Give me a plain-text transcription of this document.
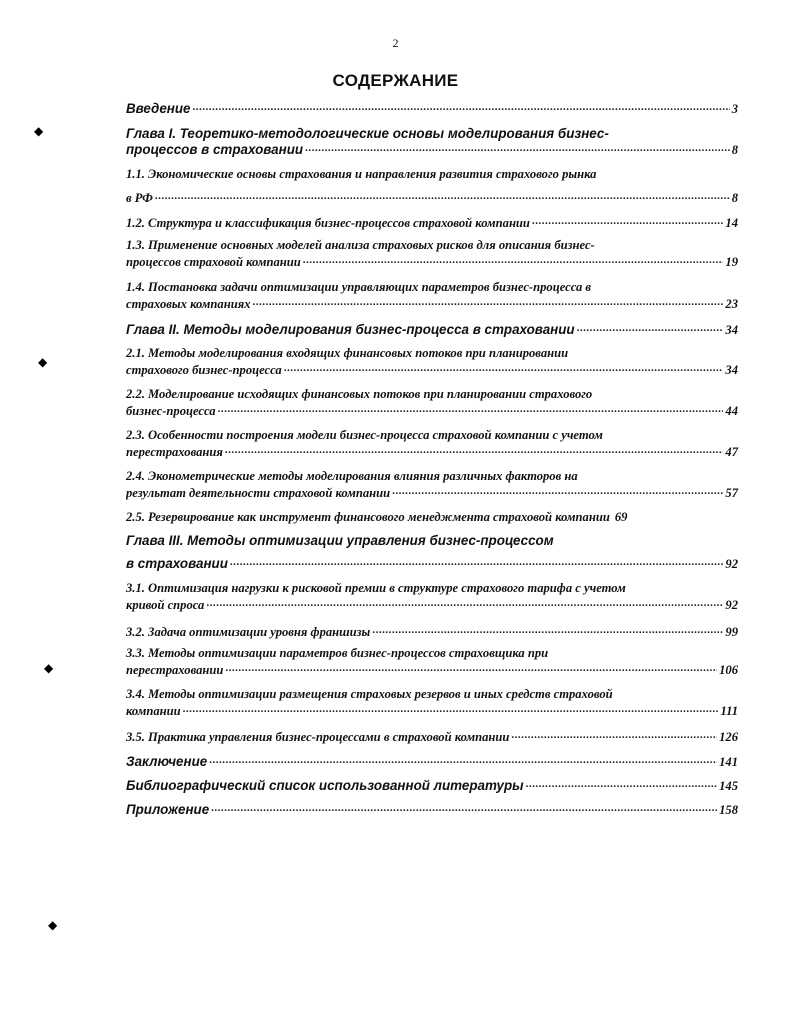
2
СОДЕРЖАНИЕ
Введение .....	3
Глава I. Теоретико-методологические основы моделирования бизнес-
процессов в страховании .....	8
1.1. Экономические основы страхования и направления развития страхового рынка
в РФ .....	8
1.2. Структура и классификация бизнес-процессов страховой компании .....	14
1.3. Применение основных моделей анализа страховых рисков для описания бизнес-
процессов страховой компании .....	19
1.4. Постановка задачи оптимизации управляющих параметров бизнес-процесса в
страховых компаниях .....	23
Глава II. Методы моделирования бизнес-процесса в страховании .....	34
2.1. Методы моделирования входящих финансовых потоков при планировании
страхового бизнес-процесса .....	34
2.2. Моделирование исходящих финансовых потоков при планировании страхового
бизнес-процесса .....	44
2.3. Особенности построения модели бизнес-процесса страховой компании с учетом
перестрахования .....	47
2.4. Эконометрические методы моделирования влияния различных факторов на
результат деятельности страховой компании .....	57
2.5. Резервирование как инструмент финансового менеджмента страховой компании 69
Глава III. Методы оптимизации управления бизнес-процессом
в страховании .....	92
3.1. Оптимизация нагрузки к рисковой премии в структуре страхового тарифа с учетом
кривой спроса .....	92
3.2. Задача оптимизации уровня франшизы .....	99
3.3. Методы оптимизации параметров бизнес-процессов страховщика при
перестраховании .....	106
3.4. Методы оптимизации размещения страховых резервов и иных средств страховой
компании .....	111
3.5. Практика управления бизнес-процессами в страховой компании .....	126
Заключение .....	141
Библиографический список использованной литературы .....	145
Приложение .....	158
◆
◆
◆
◆
